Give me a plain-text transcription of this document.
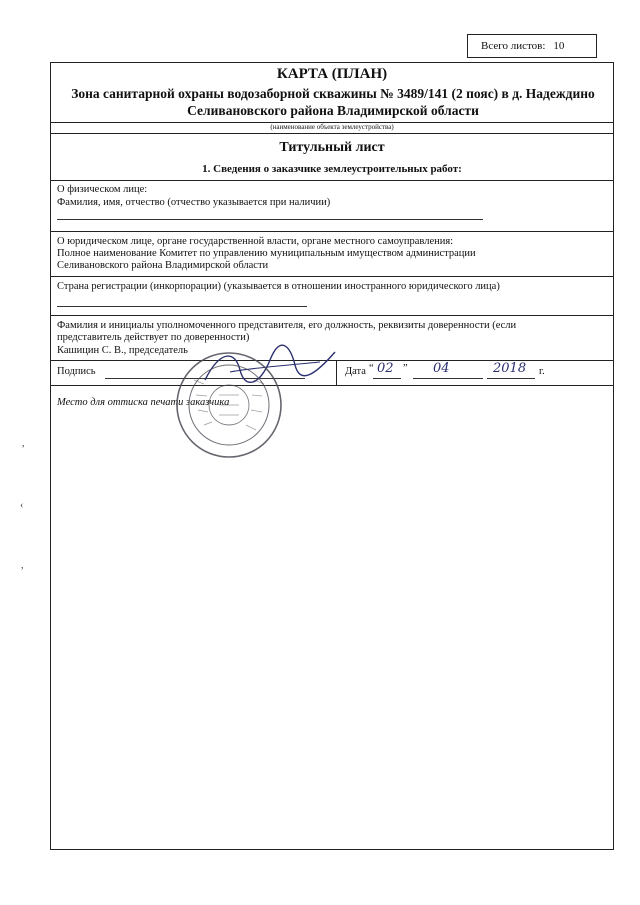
Всего листов: 10
КАРТА (ПЛАН)
Зона санитарной охраны водозаборной скважины № 3489/141 (2 пояс) в д. Надеждино Селивановского района Владимирской области
(наименование объекта землеустройства)
Титульный лист
1. Сведения о заказчике землеустроительных работ:
О физическом лице:
Фамилия, имя, отчество (отчество указывается при наличии)
О юридическом лице, органе государственной власти, органе местного самоуправления:
Полное наименование Комитет по управлению муниципальным имуществом администрации
Селивановского района Владимирской области
Страна регистрации (инкорпорации) (указывается в отношении иностранного юридического лица)
Фамилия и инициалы уполномоченного представителя, его должность, реквизиты доверенности (если
представитель действует по доверенности)
Кашицин С. В., председатель
Подпись	Дата “ 02 ” 04	2018 г.
Место для оттиска печати заказчика
,
‹
,
